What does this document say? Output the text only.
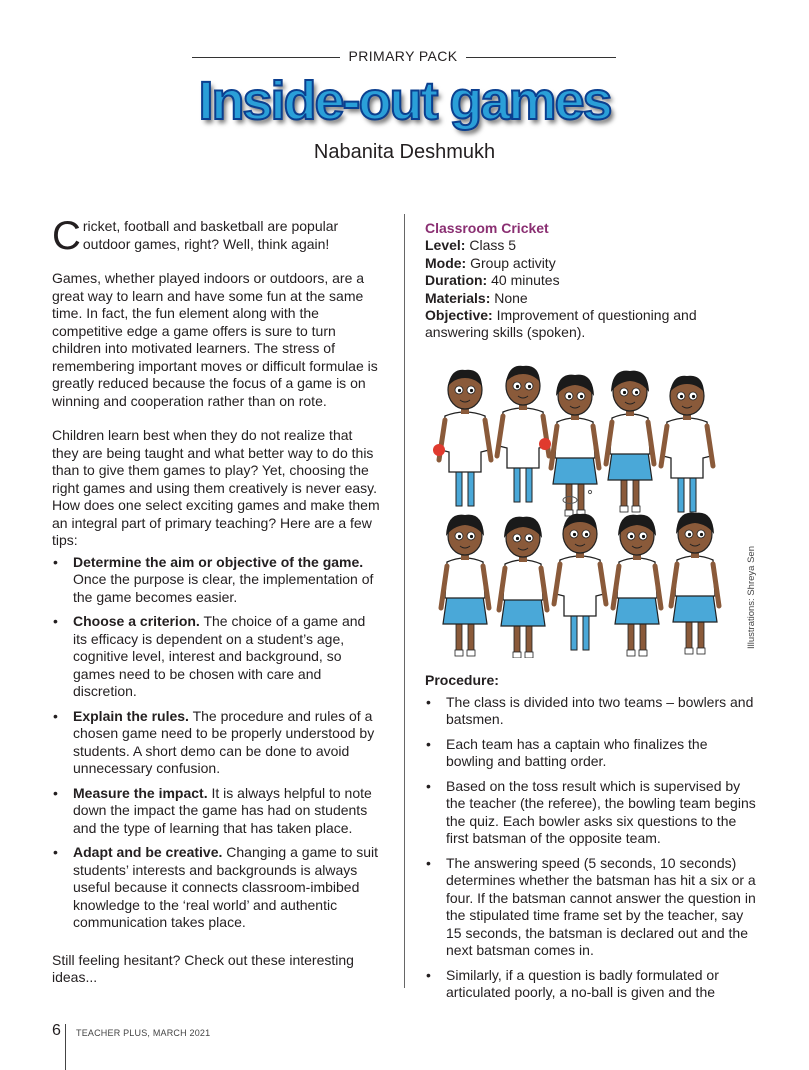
PRIMARY PACK
Inside-out games
Nabanita Deshmukh

Cricket, football and basketball are popular outdoor games, right? Well, think again!

Games, whether played indoors or outdoors, are a great way to learn and have some fun at the same time. In fact, the fun element along with the competitive edge a game offers is sure to turn children into motivated learners. The stress of remembering important moves or difficult formulae is greatly reduced because the focus of a game is on winning and cooperation rather than on rote.

Children learn best when they do not realize that they are being taught and what better way to do this than to give them games to play? Yet, choosing the right games and using them creatively is never easy. How does one select exciting games and make them an integral part of primary teaching? Here are a few tips:

• Determine the aim or objective of the game. Once the purpose is clear, the implementation of the game becomes easier.
• Choose a criterion. The choice of a game and its efficacy is dependent on a student’s age, cognitive level, interest and background, so games need to be chosen with care and discretion.
• Explain the rules. The procedure and rules of a chosen game need to be properly understood by students. A short demo can be done to avoid unnecessary confusion.
• Measure the impact. It is always helpful to note down the impact the game has had on students and the type of learning that has taken place.
• Adapt and be creative. Changing a game to suit students’ interests and backgrounds is always useful because it connects classroom-imbibed knowledge to the ‘real world’ and authentic communication takes place.

Still feeling hesitant? Check out these interesting ideas...

Classroom Cricket
Level: Class 5
Mode: Group activity
Duration: 40 minutes
Materials: None
Objective: Improvement of questioning and answering skills (spoken).
Illustrations: Shreya Sen
Procedure:
• The class is divided into two teams – bowlers and batsmen.
• Each team has a captain who finalizes the bowling and batting order.
• Based on the toss result which is supervised by the teacher (the referee), the bowling team begins the quiz. Each bowler asks six questions to the first batsman of the opposite team.
• The answering speed (5 seconds, 10 seconds) determines whether the batsman has hit a six or a four. If the batsman cannot answer the question in the stipulated time frame set by the teacher, say 15 seconds, the batsman is declared out and the next batsman comes in.
• Similarly, if a question is badly formulated or articulated poorly, a no-ball is given and the
6 TEACHER PLUS, MARCH 2021
